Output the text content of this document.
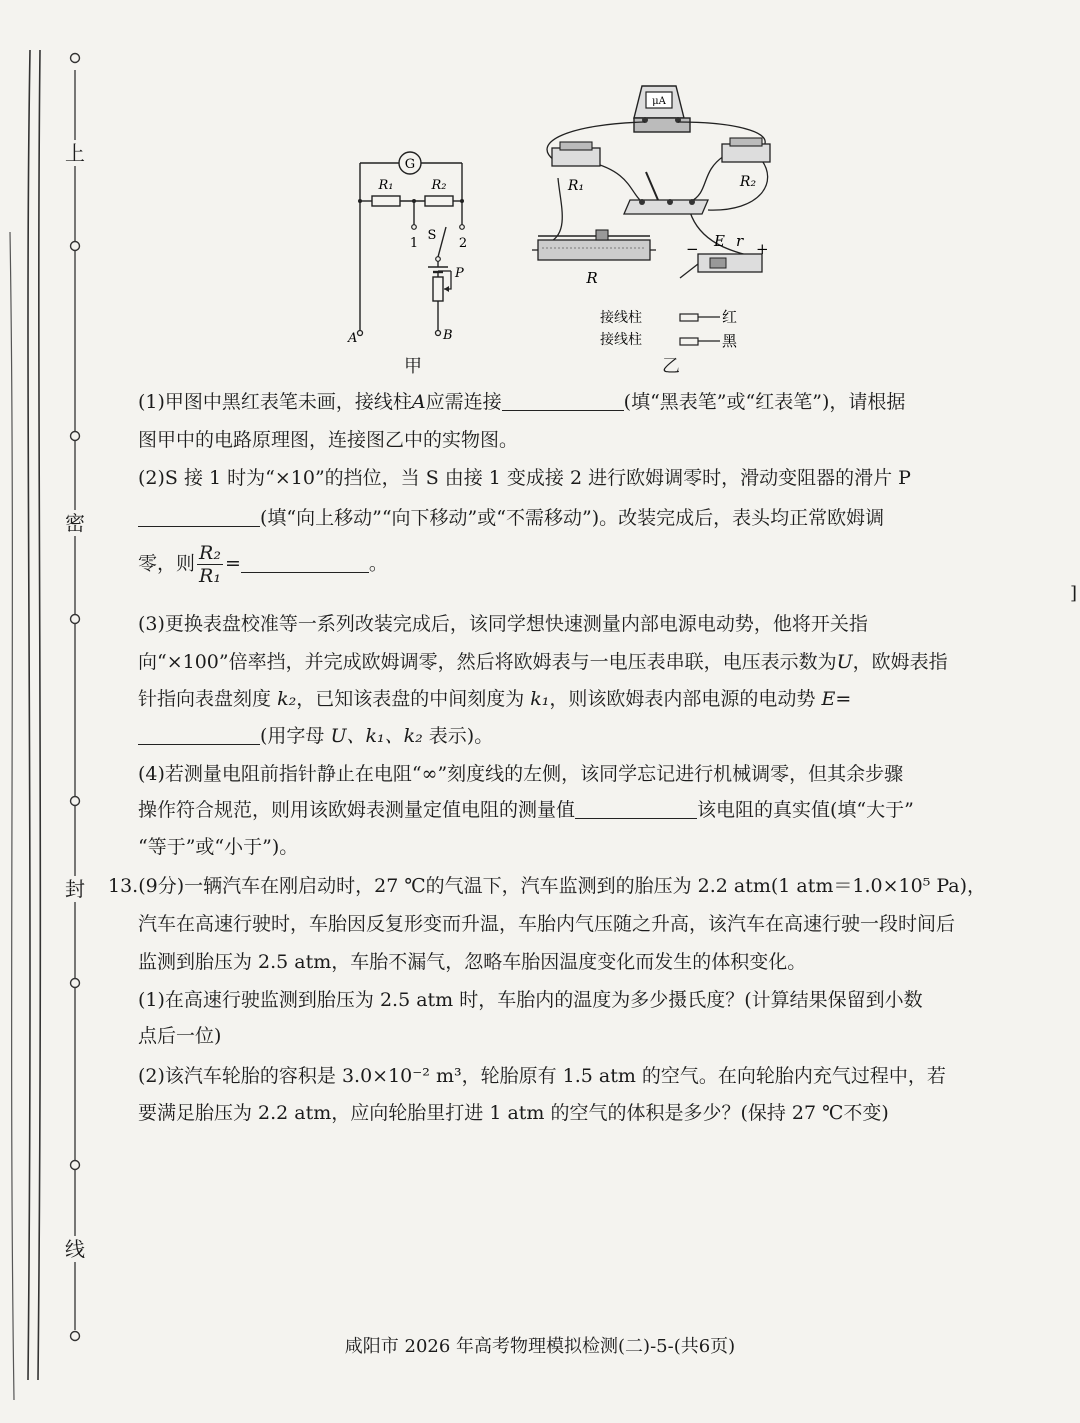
上
密
封
线
G
R₁	R₂
1	2
S
P
A	B
甲
μA
R₁	R₂
R
− E r +
接线柱
接线柱
红
黑
乙
(1)甲图中黑红表笔未画，接线柱A应需连接	(填“黑表笔”或“红表笔”)，请根据
图甲中的电路原理图，连接图乙中的实物图。
(2)S 接 1 时为“×10”的挡位，当 S 由接 1 变成接 2 进行欧姆调零时，滑动变阻器的滑片 P
(填“向上移动”“向下移动”或“不需移动”)。改装完成后，表头均正常欧姆调
零，则 $\frac{\text{R₂}}{\text{R₁}}$ =	。
(3)更换表盘校准等一系列改装完成后，该同学想快速测量内部电源电动势，他将开关指
向“×100”倍率挡，并完成欧姆调零，然后将欧姆表与一电压表串联，电压表示数为U，欧姆表指
针指向表盘刻度 k₂，已知该表盘的中间刻度为 k₁，则该欧姆表内部电源的电动势 E=
(用字母 U、k₁、k₂ 表示)。
(4)若测量电阻前指针静止在电阻“∞”刻度线的左侧，该同学忘记进行机械调零，但其余步骤
操作符合规范，则用该欧姆表测量定值电阻的测量值	该电阻的真实值(填“大于”
“等于”或“小于”)。
13.(9分)一辆汽车在刚启动时，27 ℃的气温下，汽车监测到的胎压为 2.2 atm(1 atm＝1.0×10⁵ Pa)，
汽车在高速行驶时，车胎因反复形变而升温，车胎内气压随之升高，该汽车在高速行驶一段时间后
监测到胎压为 2.5 atm，车胎不漏气，忽略车胎因温度变化而发生的体积变化。
(1)在高速行驶监测到胎压为 2.5 atm 时，车胎内的温度为多少摄氏度？(计算结果保留到小数
点后一位)
(2)该汽车轮胎的容积是 3.0×10⁻² m³，轮胎原有 1.5 atm 的空气。在向轮胎内充气过程中，若
要满足胎压为 2.2 atm，应向轮胎里打进 1 atm 的空气的体积是多少？(保持 27 ℃不变)
咸阳市 2026 年高考物理模拟检测(二)-5-(共6页)
]
